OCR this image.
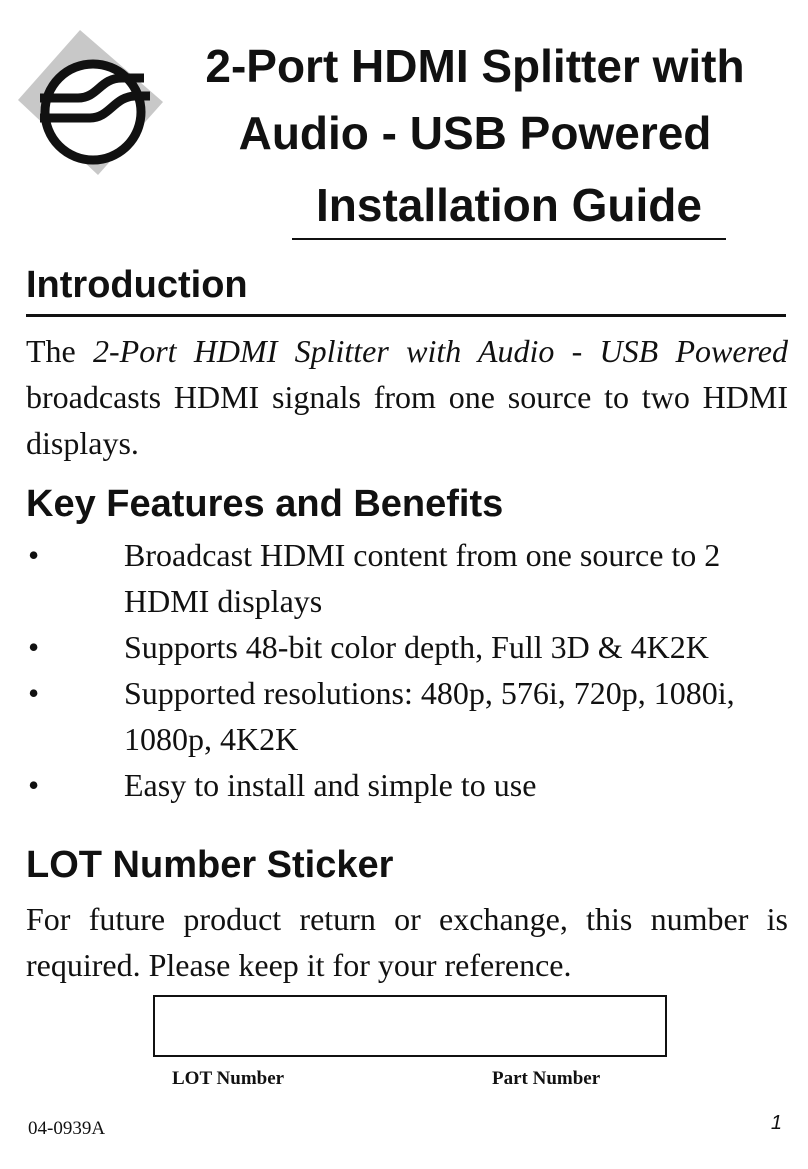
2-Port HDMI Splitter with
Audio - USB Powered
Installation Guide
Introduction

The 2-Port HDMI Splitter with Audio - USB Powered broadcasts HDMI signals from one source to two HDMI displays.

Key Features and Benefits
•	Broadcast HDMI content from one source to 2 HDMI displays
•	Supports 48-bit color depth, Full 3D & 4K2K
•	Supported resolutions: 480p, 576i, 720p, 1080i, 1080p, 4K2K
•	Easy to install and simple to use
LOT Number Sticker

For future product return or exchange, this number is required. Please keep it for your reference.

LOT Number	Part Number
04-0939A	1
